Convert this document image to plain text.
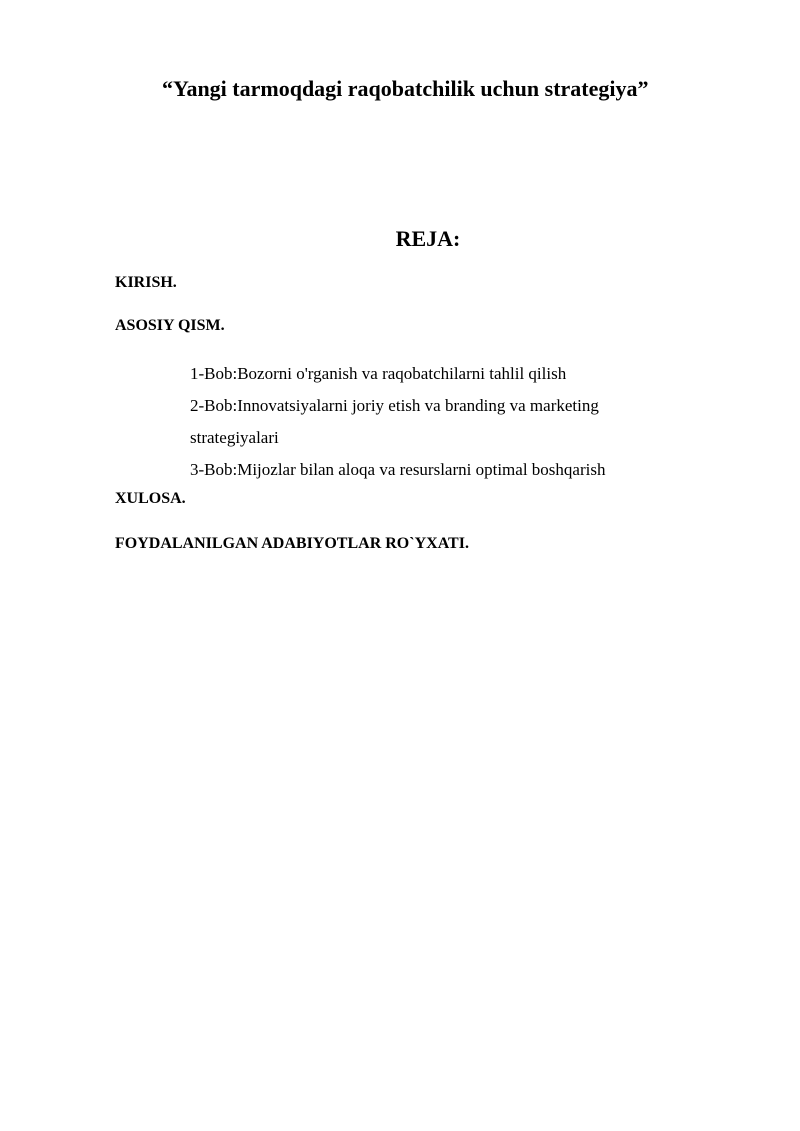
“Yangi tarmoqdagi raqobatchilik uchun strategiya”
REJA:
KIRISH.
ASOSIY QISM.
1-Bob:Bozorni o'rganish va raqobatchilarni tahlil qilish
2-Bob:Innovatsiyalarni joriy etish va branding va marketing strategiyalari
3-Bob:Mijozlar bilan aloqa va resurslarni optimal boshqarish
XULOSA.
FOYDALANILGAN ADABIYOTLAR RO`YXATI.
